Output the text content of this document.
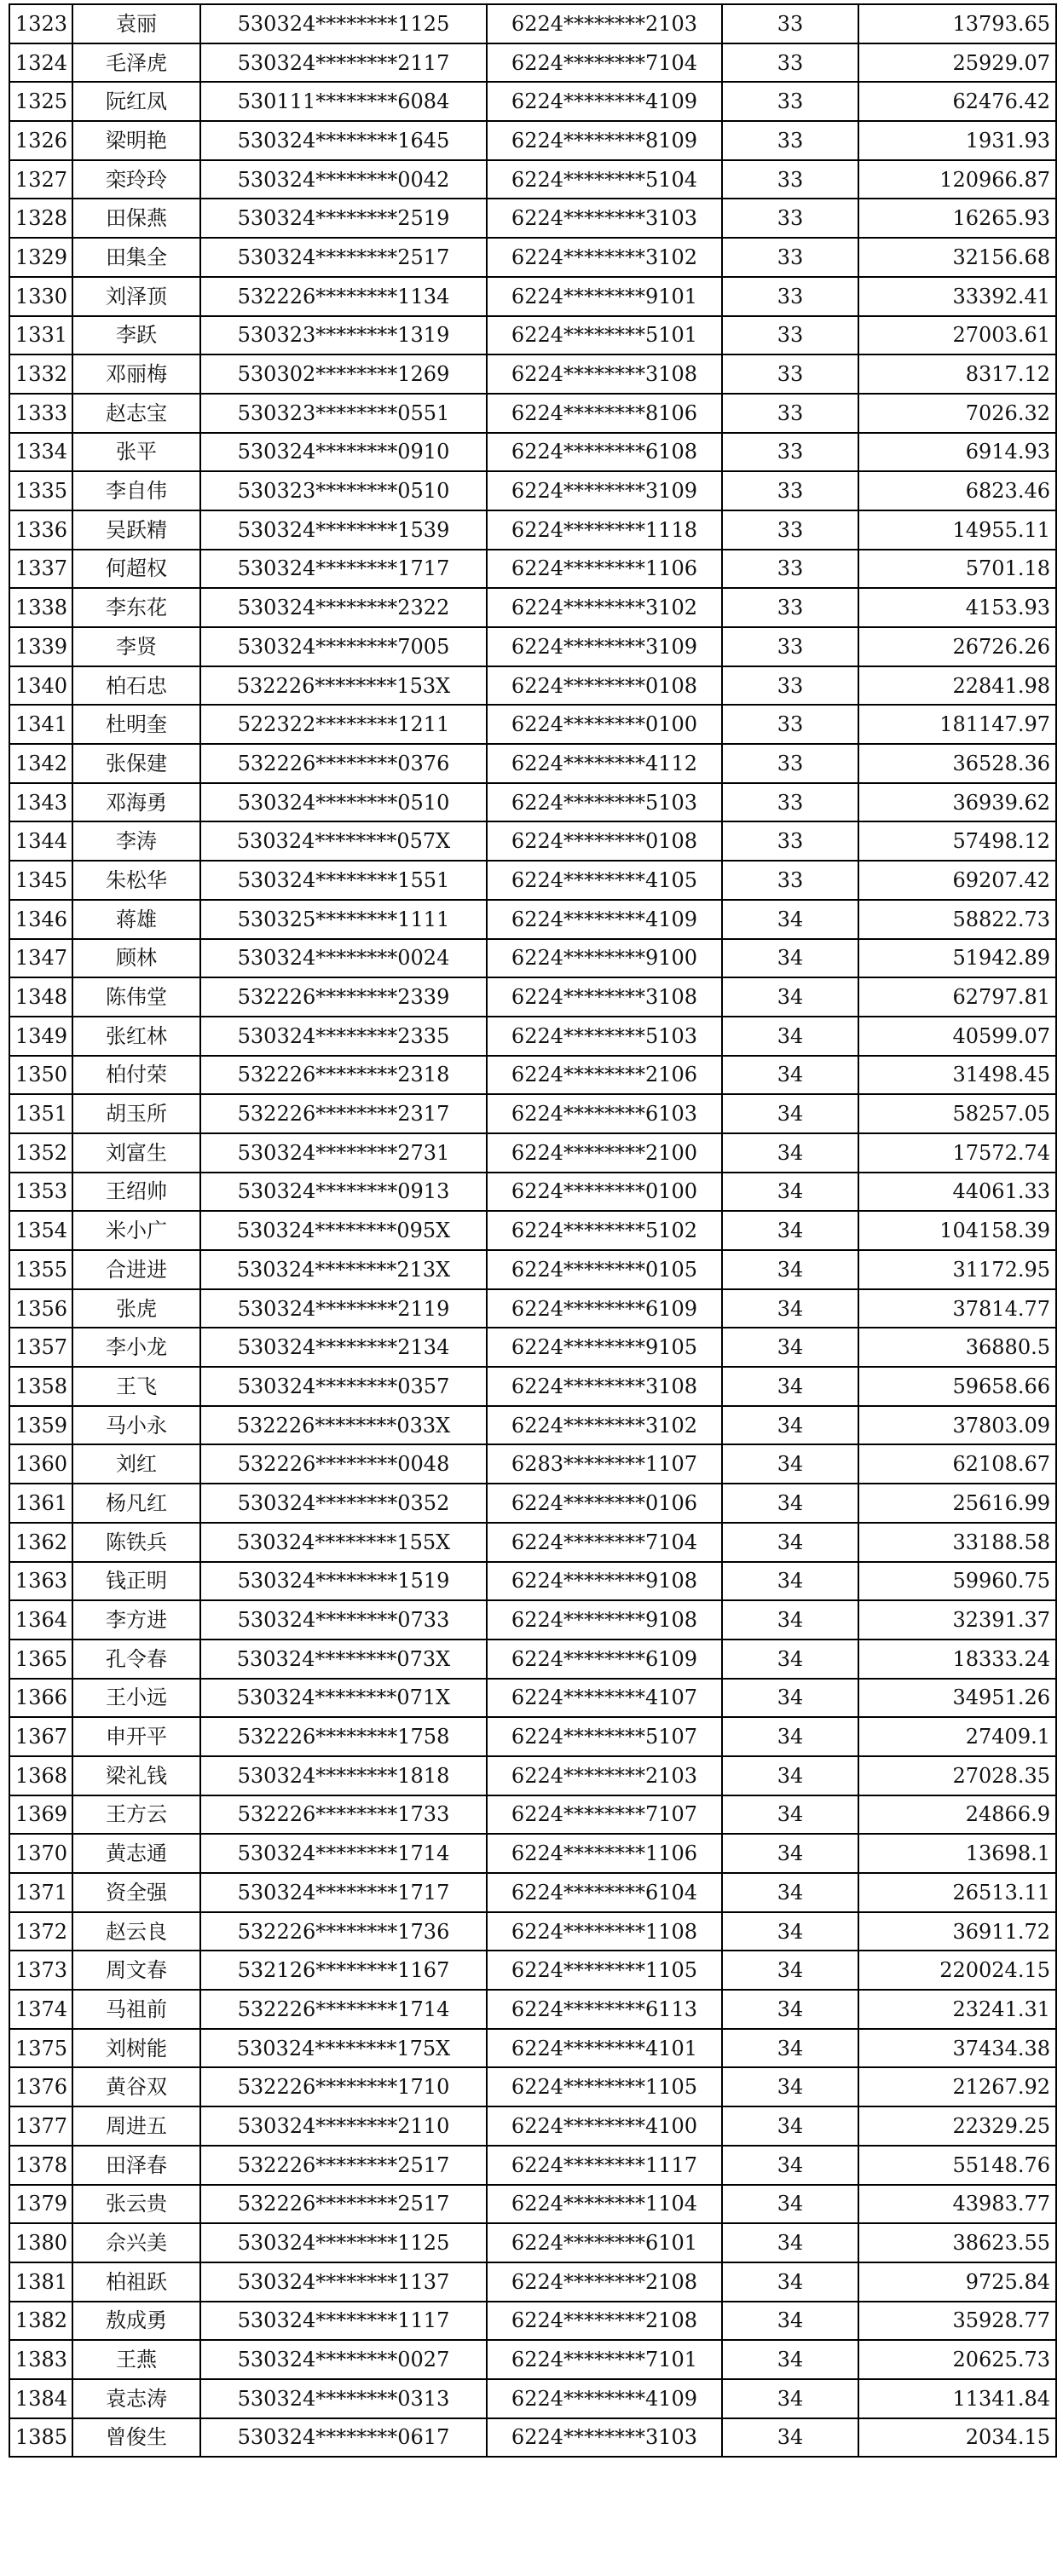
1323	袁丽	530324********1125	6224********2103	33	13793.65
1324	毛泽虎	530324********2117	6224********7104	33	25929.07
1325	阮红凤	530111********6084	6224********4109	33	62476.42
1326	梁明艳	530324********1645	6224********8109	33	1931.93
1327	栾玲玲	530324********0042	6224********5104	33	120966.87
1328	田保燕	530324********2519	6224********3103	33	16265.93
1329	田集全	530324********2517	6224********3102	33	32156.68
1330	刘泽顶	532226********1134	6224********9101	33	33392.41
1331	李跃	530323********1319	6224********5101	33	27003.61
1332	邓丽梅	530302********1269	6224********3108	33	8317.12
1333	赵志宝	530323********0551	6224********8106	33	7026.32
1334	张平	530324********0910	6224********6108	33	6914.93
1335	李自伟	530323********0510	6224********3109	33	6823.46
1336	吴跃精	530324********1539	6224********1118	33	14955.11
1337	何超权	530324********1717	6224********1106	33	5701.18
1338	李东花	530324********2322	6224********3102	33	4153.93
1339	李贤	530324********7005	6224********3109	33	26726.26
1340	柏石忠	532226********153X	6224********0108	33	22841.98
1341	杜明奎	522322********1211	6224********0100	33	181147.97
1342	张保建	532226********0376	6224********4112	33	36528.36
1343	邓海勇	530324********0510	6224********5103	33	36939.62
1344	李涛	530324********057X	6224********0108	33	57498.12
1345	朱松华	530324********1551	6224********4105	33	69207.42
1346	蒋雄	530325********1111	6224********4109	34	58822.73
1347	顾林	530324********0024	6224********9100	34	51942.89
1348	陈伟堂	532226********2339	6224********3108	34	62797.81
1349	张红林	530324********2335	6224********5103	34	40599.07
1350	柏付荣	532226********2318	6224********2106	34	31498.45
1351	胡玉所	532226********2317	6224********6103	34	58257.05
1352	刘富生	530324********2731	6224********2100	34	17572.74
1353	王绍帅	530324********0913	6224********0100	34	44061.33
1354	米小广	530324********095X	6224********5102	34	104158.39
1355	合进进	530324********213X	6224********0105	34	31172.95
1356	张虎	530324********2119	6224********6109	34	37814.77
1357	李小龙	530324********2134	6224********9105	34	36880.5
1358	王飞	530324********0357	6224********3108	34	59658.66
1359	马小永	532226********033X	6224********3102	34	37803.09
1360	刘红	532226********0048	6283********1107	34	62108.67
1361	杨凡红	530324********0352	6224********0106	34	25616.99
1362	陈铁兵	530324********155X	6224********7104	34	33188.58
1363	钱正明	530324********1519	6224********9108	34	59960.75
1364	李方进	530324********0733	6224********9108	34	32391.37
1365	孔令春	530324********073X	6224********6109	34	18333.24
1366	王小远	530324********071X	6224********4107	34	34951.26
1367	申开平	532226********1758	6224********5107	34	27409.1
1368	梁礼钱	530324********1818	6224********2103	34	27028.35
1369	王方云	532226********1733	6224********7107	34	24866.9
1370	黄志通	530324********1714	6224********1106	34	13698.1
1371	资全强	530324********1717	6224********6104	34	26513.11
1372	赵云良	532226********1736	6224********1108	34	36911.72
1373	周文春	532126********1167	6224********1105	34	220024.15
1374	马祖前	532226********1714	6224********6113	34	23241.31
1375	刘树能	530324********175X	6224********4101	34	37434.38
1376	黄谷双	532226********1710	6224********1105	34	21267.92
1377	周进五	530324********2110	6224********4100	34	22329.25
1378	田泽春	532226********2517	6224********1117	34	55148.76
1379	张云贵	532226********2517	6224********1104	34	43983.77
1380	佘兴美	530324********1125	6224********6101	34	38623.55
1381	柏祖跃	530324********1137	6224********2108	34	9725.84
1382	敖成勇	530324********1117	6224********2108	34	35928.77
1383	王燕	530324********0027	6224********7101	34	20625.73
1384	袁志涛	530324********0313	6224********4109	34	11341.84
1385	曾俊生	530324********0617	6224********3103	34	2034.15
